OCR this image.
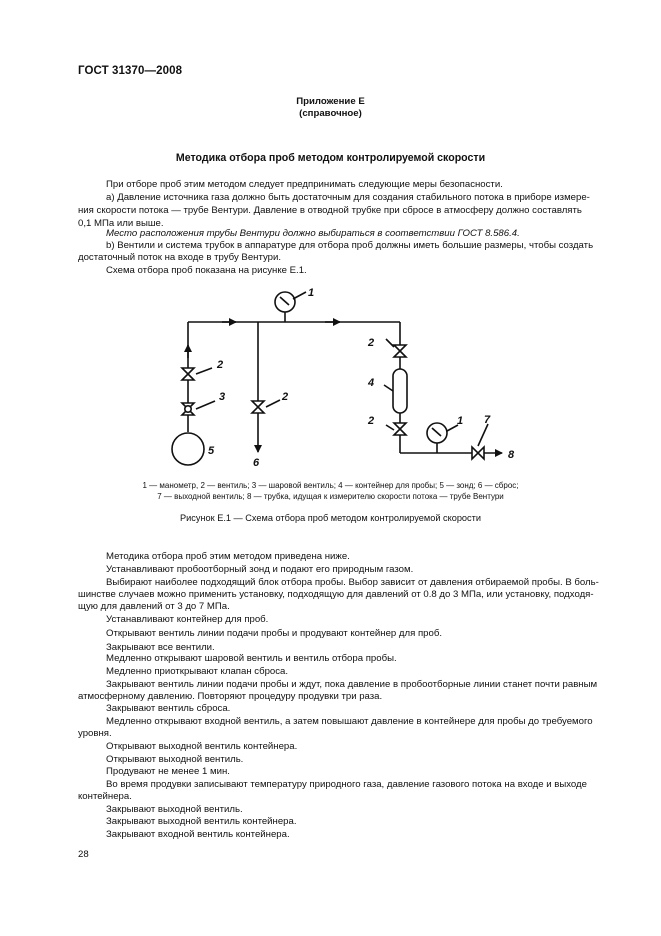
ГОСТ 31370—2008
Приложение Е
(справочное)
Методика отбора проб методом контролируемой скорости
При отборе проб этим методом следует предпринимать следующие меры безопасности.
а) Давление источника газа должно быть достаточным для создания стабильного потока в приборе измере-
ния скорости потока — трубе Вентури. Давление в отводной трубке при сбросе в атмосферу должно составлять
0,1 МПа или выше.
Место расположения трубы Вентури должно выбираться в соответствии ГОСТ 8.586.4.
b) Вентили и система трубок в аппаратуре для отбора проб должны иметь большие размеры, чтобы создать
достаточный поток на входе в трубу Вентури.
Схема отбора проб показана на рисунке Е.1.
1
2
3
5
2
6
2
4
2	1 7
8
1 — манометр, 2 — вентиль; 3 — шаровой вентиль; 4 — контейнер для пробы; 5 — зонд; 6 — сброс;
7 — выходной вентиль; 8 — трубка, идущая к измерителю скорости потока — трубе Вентури
Рисунок Е.1 — Схема отбора проб методом контролируемой скорости
Методика отбора проб этим методом приведена ниже.
Устанавливают пробоотборный зонд и подают его природным газом.
Выбирают наиболее подходящий блок отбора пробы. Выбор зависит от давления отбираемой пробы. В боль-
шинстве случаев можно применить установку, подходящую для давлений от 0.8 до 3 МПа, или установку, подходя-
щую для давлений от 3 до 7 МПа.
Устанавливают контейнер для проб.
Открывают вентиль линии подачи пробы и продувают контейнер для проб.
Закрывают все вентили.
Медленно открывают шаровой вентиль и вентиль отбора пробы.
Медленно приоткрывают клапан сброса.
Закрывают вентиль линии подачи пробы и ждут, пока давление в пробоотборные линии станет почти равным
атмосферному давлению. Повторяют процедуру продувки три раза.
Закрывают вентиль сброса.
Медленно открывают входной вентиль, а затем повышают давление в контейнере для пробы до требуемого
уровня.
Открывают выходной вентиль контейнера.
Открывают выходной вентиль.
Продувают не менее 1 мин.
Во время продувки записывают температуру природного газа, давление газового потока на входе и выходе
контейнера.
Закрывают выходной вентиль.
Закрывают выходной вентиль контейнера.
Закрывают входной вентиль контейнера.
28
